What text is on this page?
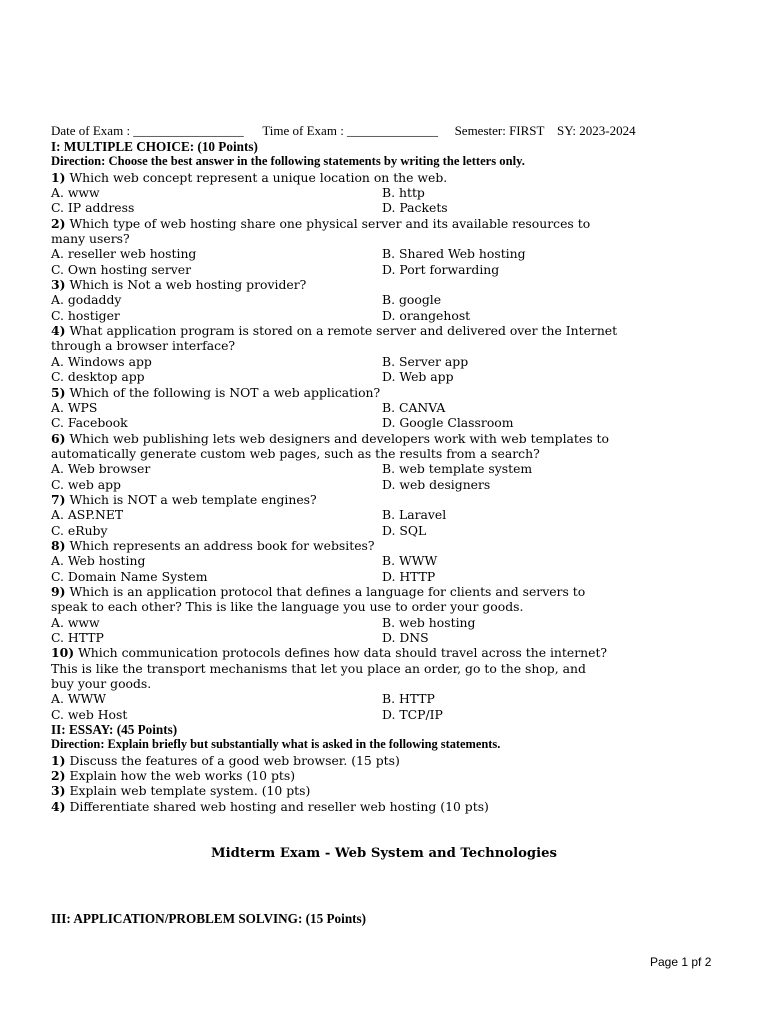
Date of Exam : _________________ Time of Exam : ______________ Semester: FIRST SY: 2023-2024
I: MULTIPLE CHOICE: (10 Points)
Direction: Choose the best answer in the following statements by writing the letters only.
1) Which web concept represent a unique location on the web.
A. www	B. http
C. IP address	D. Packets
2) Which type of web hosting share one physical server and its available resources to
many users?
A. reseller web hosting	B. Shared Web hosting
C. Own hosting server	D. Port forwarding
3) Which is Not a web hosting provider?
A. godaddy	B. google
C. hostiger	D. orangehost
4) What application program is stored on a remote server and delivered over the Internet
through a browser interface?
A. Windows app	B. Server app
C. desktop app	D. Web app
5) Which of the following is NOT a web application?
A. WPS	B. CANVA
C. Facebook	D. Google Classroom
6) Which web publishing lets web designers and developers work with web templates to
automatically generate custom web pages, such as the results from a search?
A. Web browser	B. web template system
C. web app	D. web designers
7) Which is NOT a web template engines?
A. ASP.NET	B. Laravel
C. eRuby	D. SQL
8) Which represents an address book for websites?
A. Web hosting	B. WWW
C. Domain Name System	D. HTTP
9) Which is an application protocol that defines a language for clients and servers to
speak to each other? This is like the language you use to order your goods.
A. www	B. web hosting
C. HTTP	D. DNS
10) Which communication protocols defines how data should travel across the internet?
This is like the transport mechanisms that let you place an order, go to the shop, and
buy your goods.
A. WWW	B. HTTP
C. web Host	D. TCP/IP
II: ESSAY: (45 Points)
Direction: Explain briefly but substantially what is asked in the following statements.
1) Discuss the features of a good web browser. (15 pts)
2) Explain how the web works (10 pts)
3) Explain web template system. (10 pts)
4) Differentiate shared web hosting and reseller web hosting (10 pts)
Midterm Exam - Web System and Technologies
III: APPLICATION/PROBLEM SOLVING: (15 Points)
Page 1 pf 2
